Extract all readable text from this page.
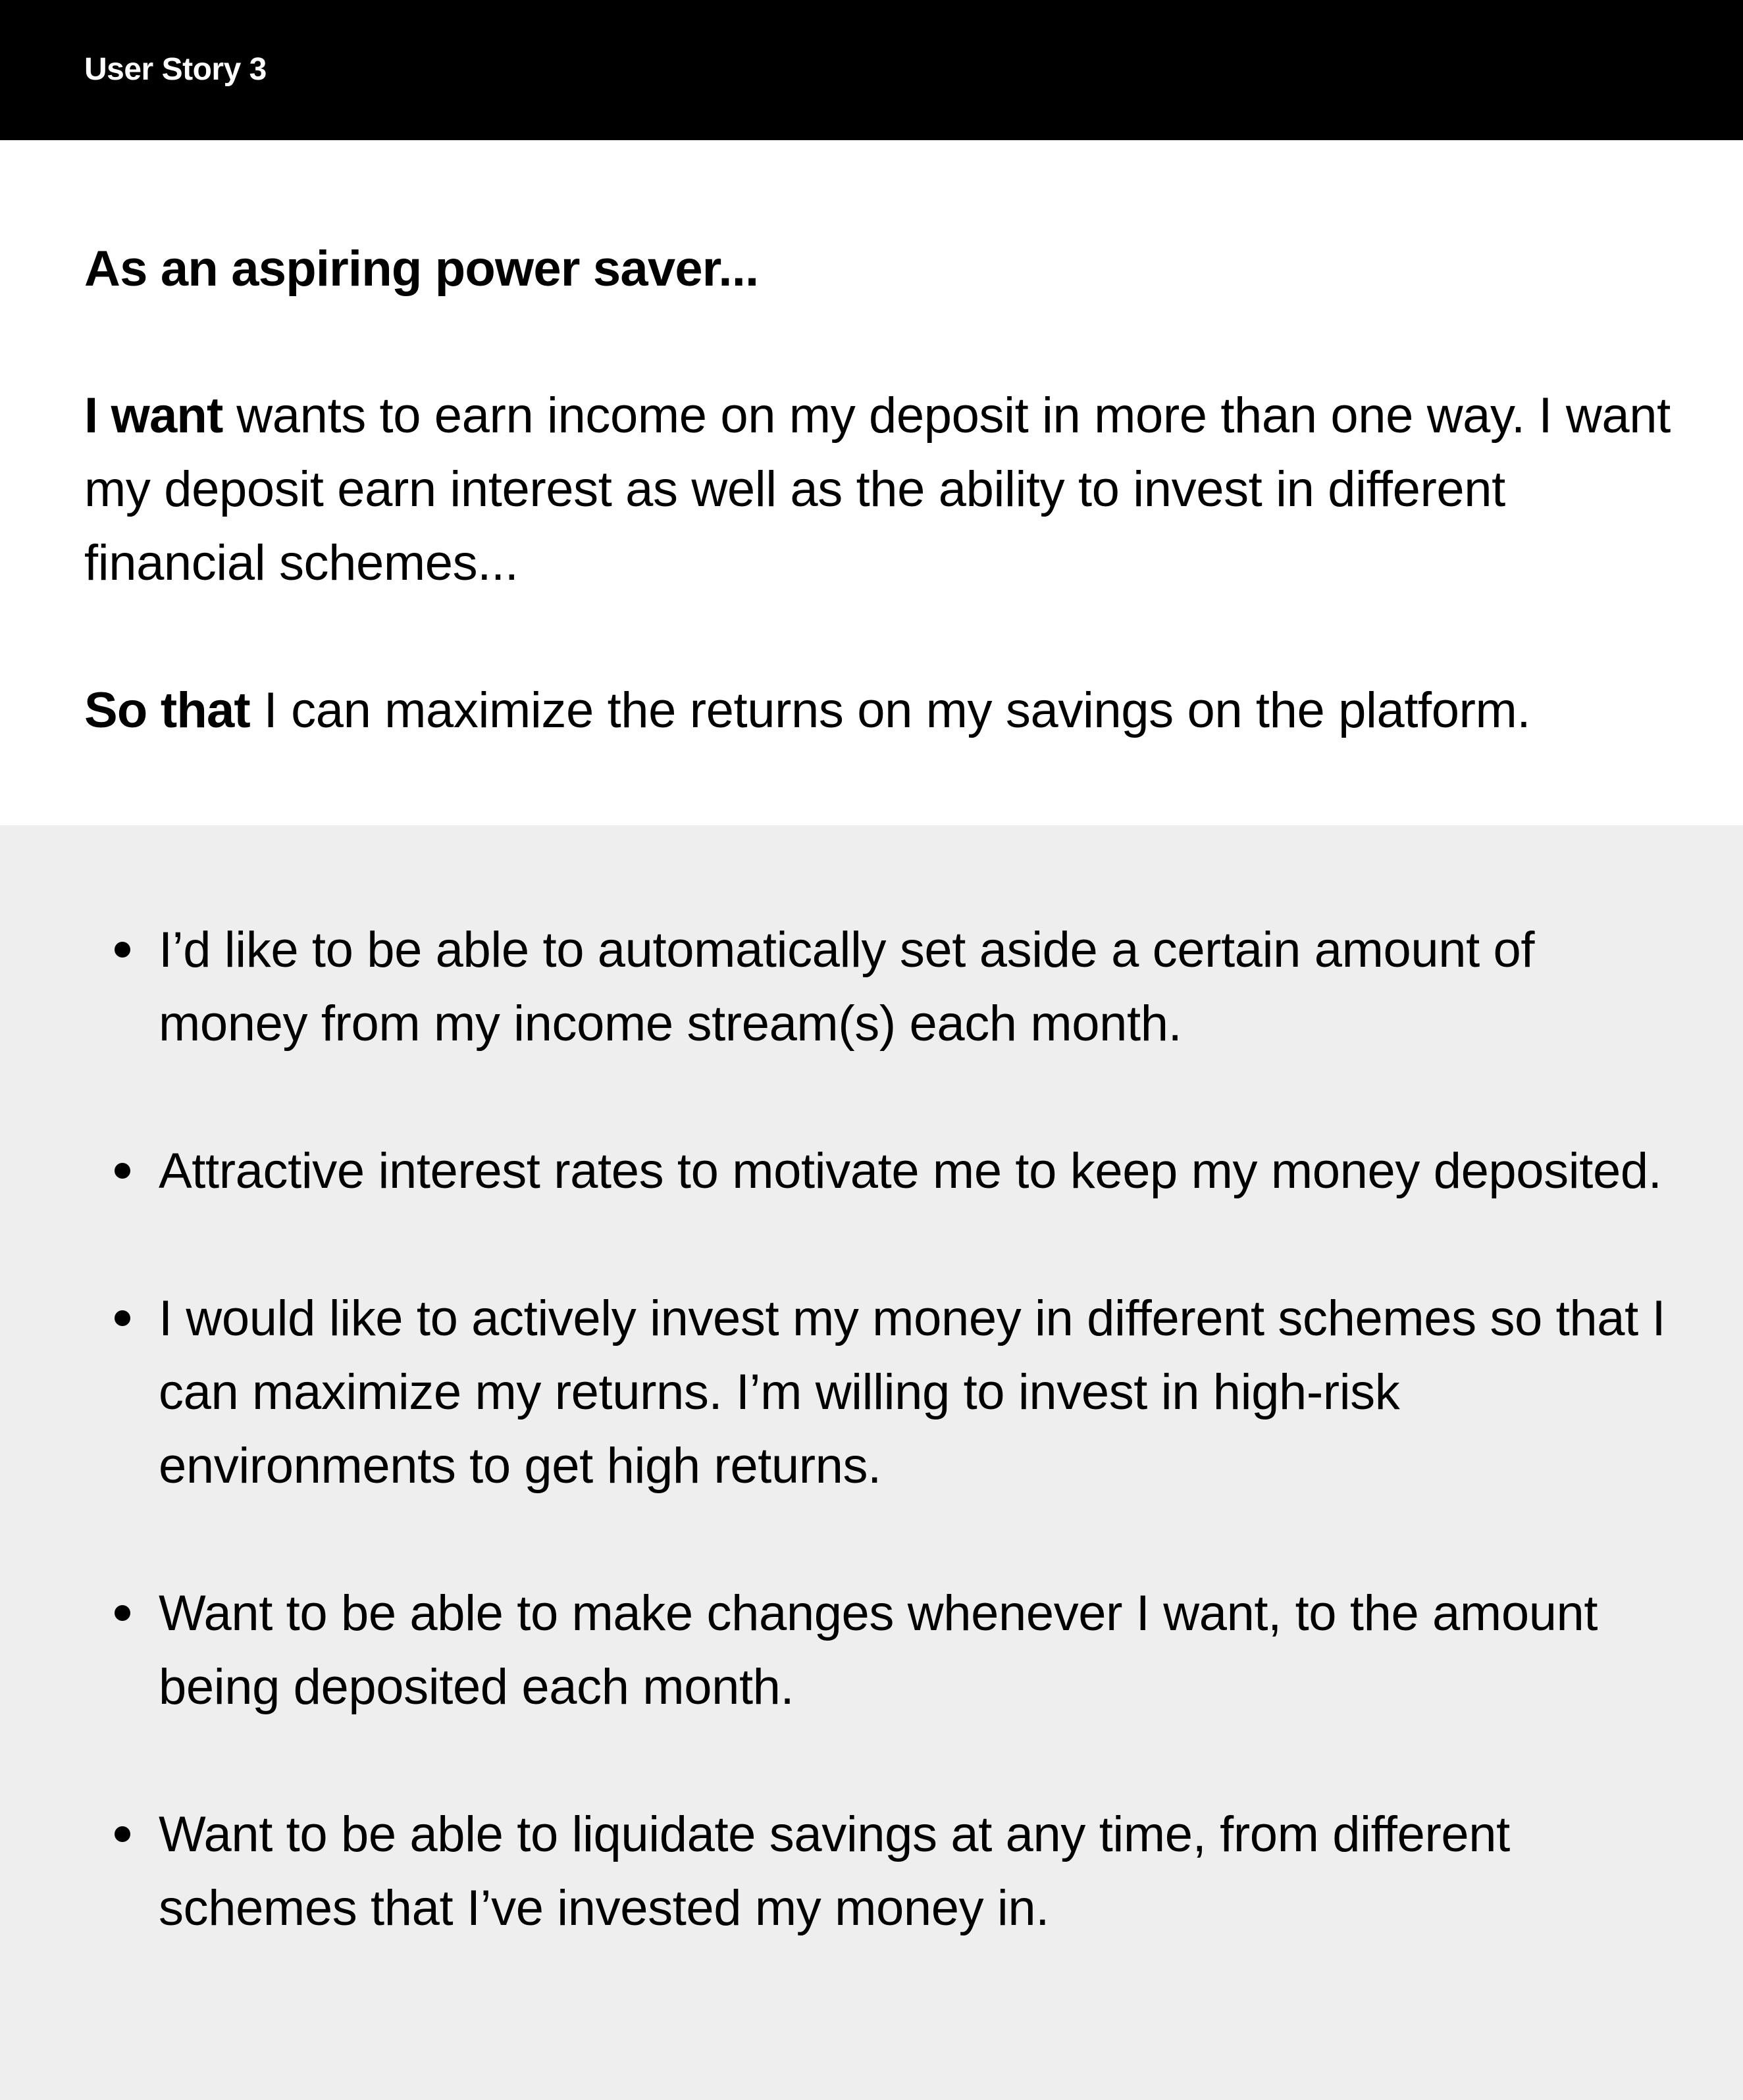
User Story 3
As an aspiring power saver...

I want wants to earn income on my deposit in more than one way. I want my deposit earn interest as well as the ability to invest in different financial schemes...

So that I can maximize the returns on my savings on the platform.

I’d like to be able to automatically set aside a certain amount of money from my income stream(s) each month.
Attractive interest rates to motivate me to keep my money deposited.
I would like to actively invest my money in different schemes so that I can maximize my returns. I’m willing to invest in high-risk environments to get high returns.
Want to be able to make changes whenever I want, to the amount being deposited each month.
Want to be able to liquidate savings at any time, from different schemes that I’ve invested my money in.
